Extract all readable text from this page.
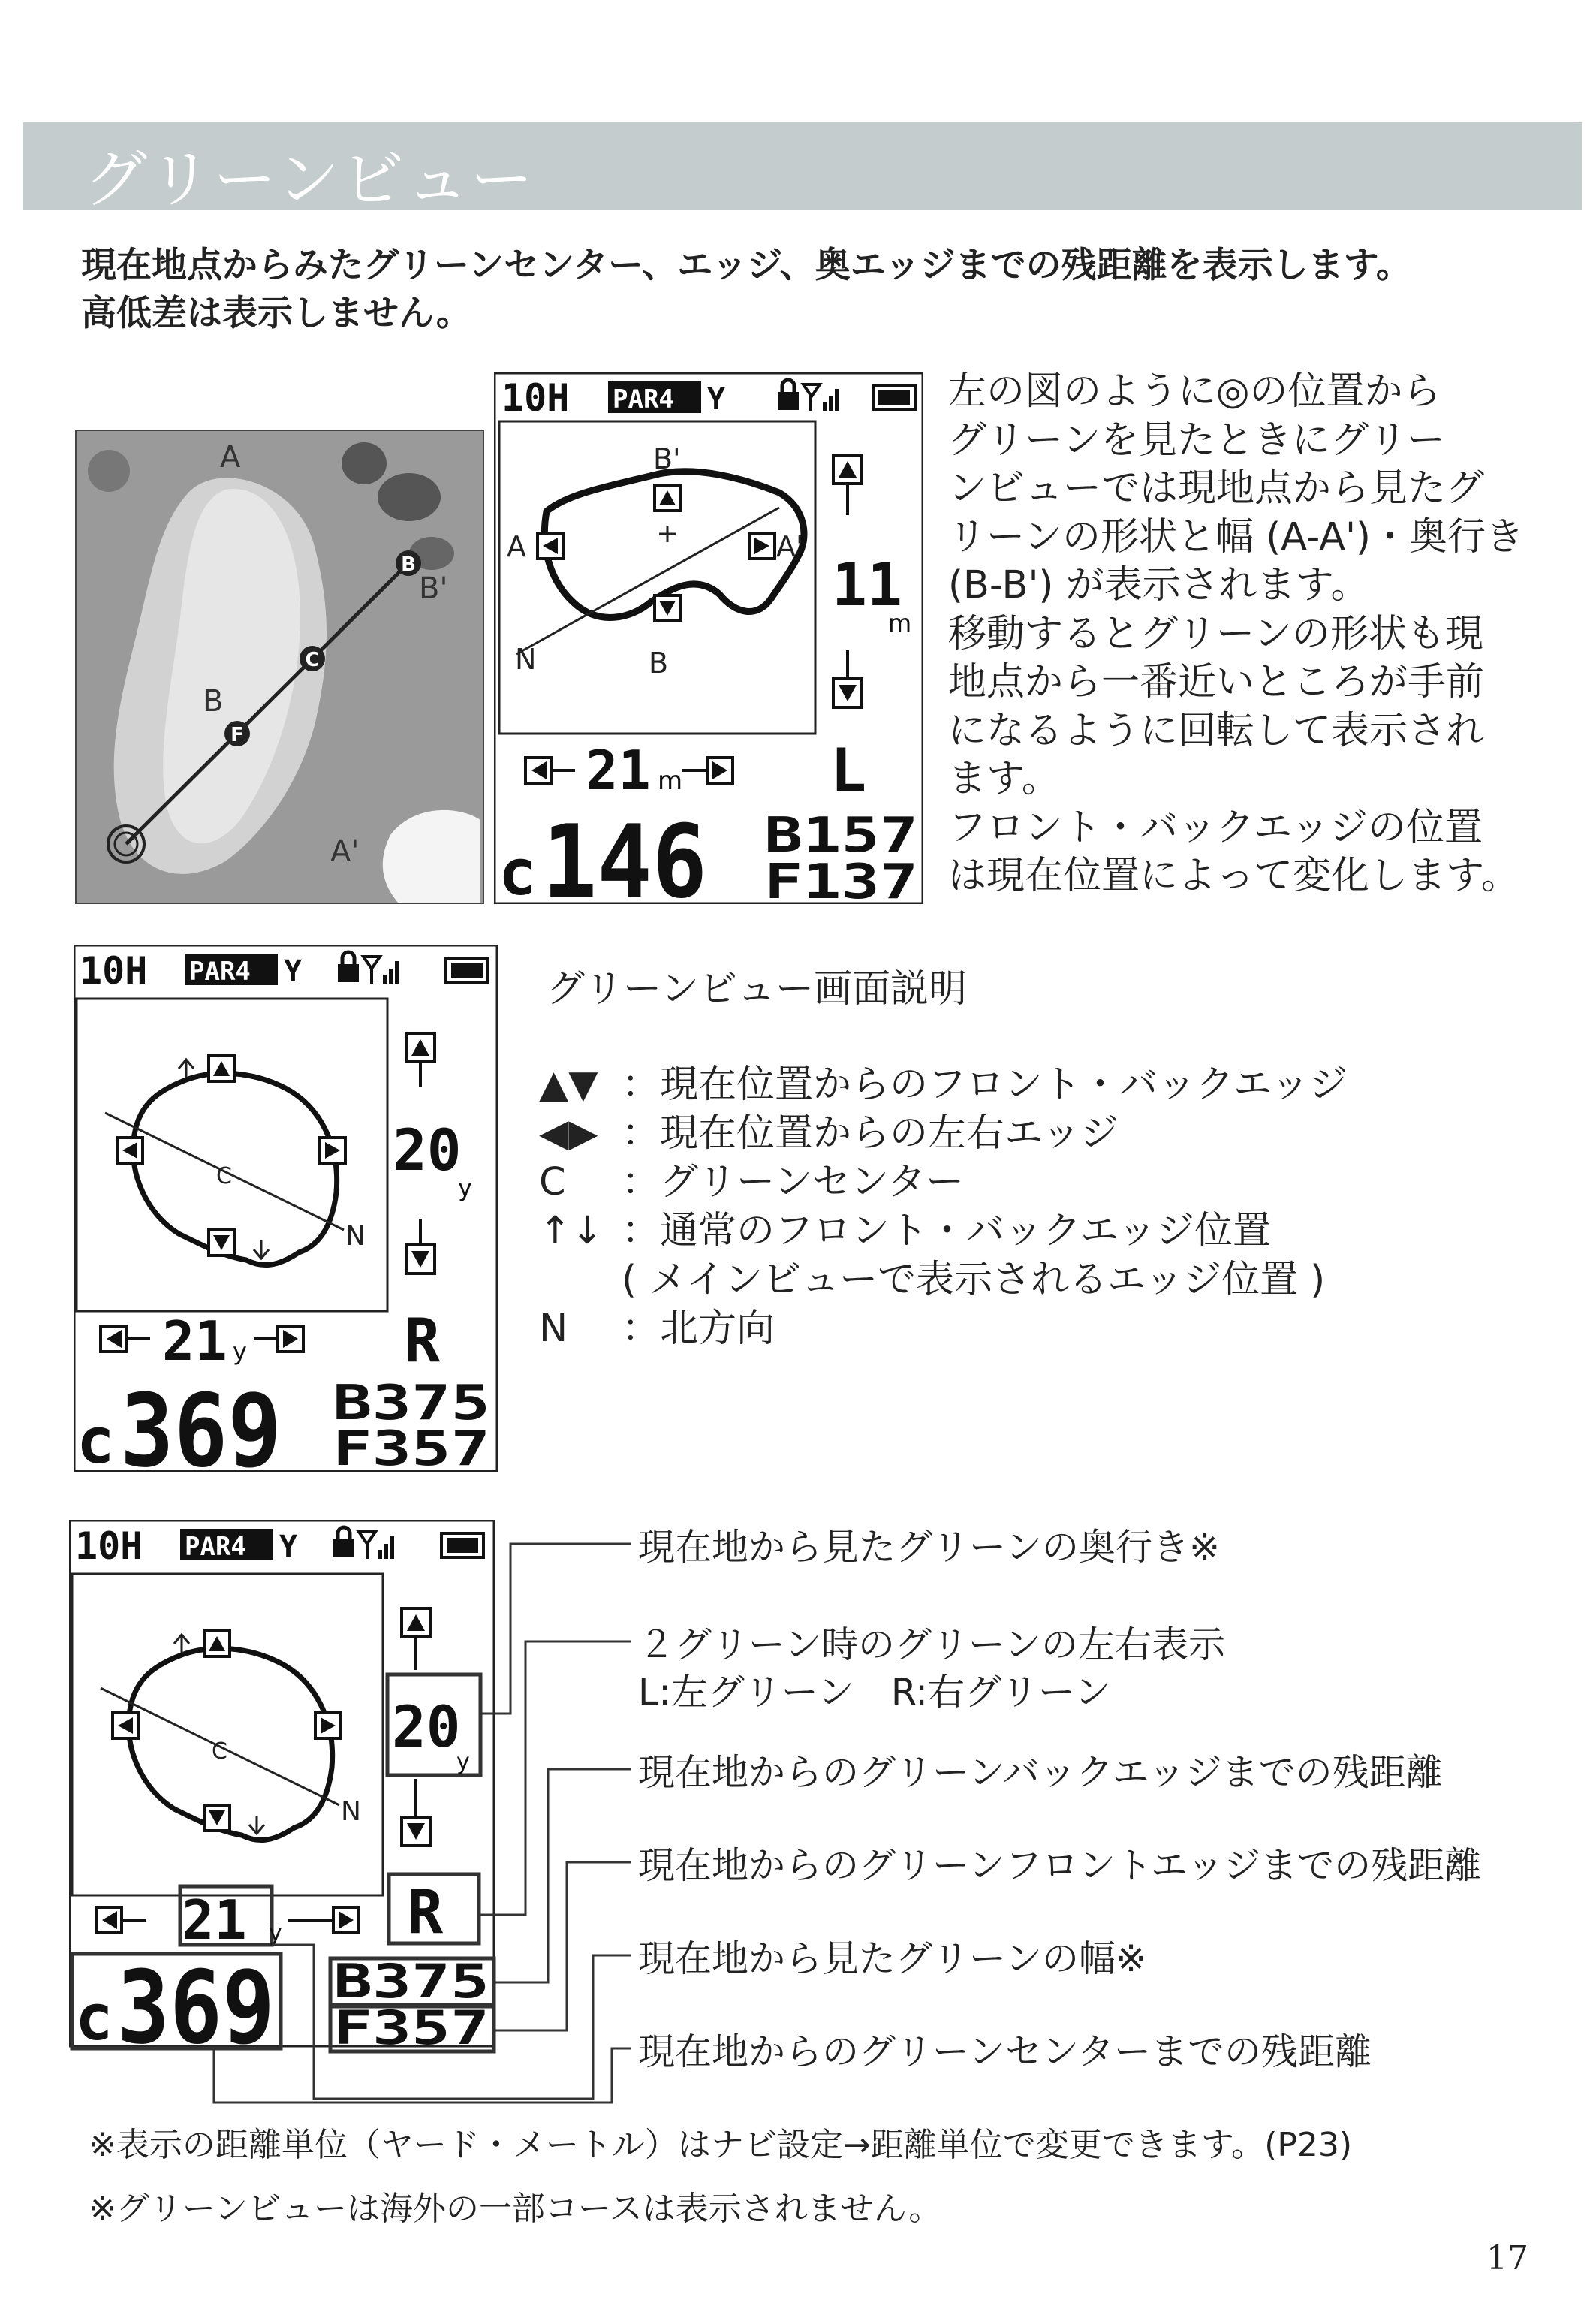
グリーンビュー
現在地点からみたグリーンセンター、エッジ、奥エッジまでの残距離を表示します。
高低差は表示しません。
F
C
B
A
B'
B
A'
10H PAR4 Y
B'
B
A	A'
N
11
m
21 m L
c 146 B157
F137
左の図のように◎の位置から
グリーンを見たときにグリー
ンビューでは現地点から見たグ
リーンの形状と幅 (A-A')・奥行き
(B-B') が表示されます。
移動するとグリーンの形状も現
地点から一番近いところが手前
になるように回転して表示され
ます。
フロント・バックエッジの位置
は現在位置によって変化します。
10H PAR4 Y
N
C	20
y
21 y	R
c 369 B375
F357
グリーンビュー画面説明
▲▼ ：現在位置からのフロント・バックエッジ
◀▶ ：現在位置からの左右エッジ
C ：グリーンセンター
↑↓ ：通常のフロント・バックエッジ位置
( メインビューで表示されるエッジ位置 )
N ：北方向
10H PAR4 Y
N
C	20
y
21 y R
c 369 B375
F357
現在地から見たグリーンの奥行き※
２グリーン時のグリーンの左右表示
L:左グリーン　R:右グリーン
現在地からのグリーンバックエッジまでの残距離
現在地からのグリーンフロントエッジまでの残距離
現在地から見たグリーンの幅※
現在地からのグリーンセンターまでの残距離
※表示の距離単位（ヤード・メートル）はナビ設定→距離単位で変更できます。(P23)
※グリーンビューは海外の一部コースは表示されません。
17
